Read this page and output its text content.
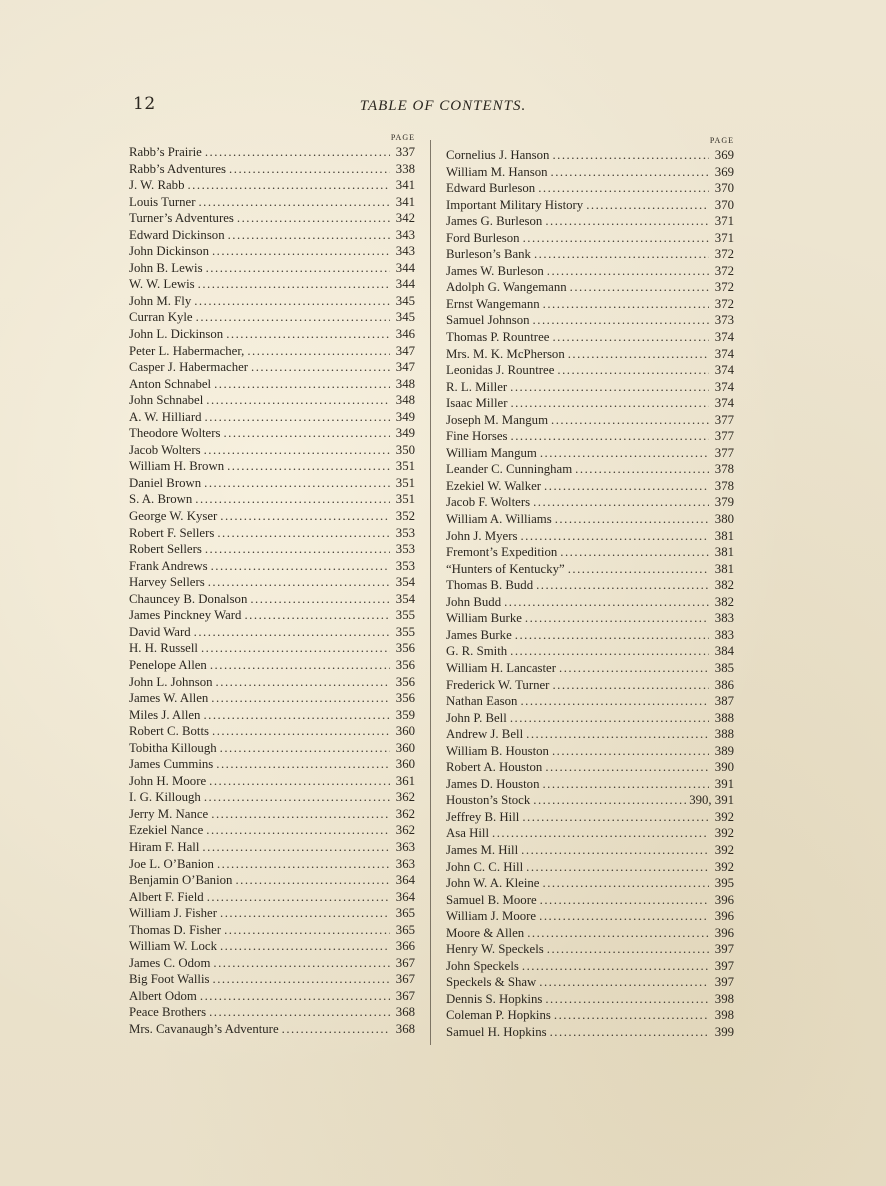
12	TABLE OF CONTENTS.
PAGE
Rabb’s Prairie .....	337
Rabb’s Adventures .....	338
J. W. Rabb .....	341
Louis Turner .....	341
Turner’s Adventures .....	342
Edward Dickinson .....	343
John Dickinson .....	343
John B. Lewis .....	344
W. W. Lewis .....	344
John M. Fly .....	345
Curran Kyle .....	345
John L. Dickinson .....	346
Peter L. Habermacher, .....	347
Casper J. Habermacher .....	347
Anton Schnabel .....	348
John Schnabel .....	348
A. W. Hilliard .....	349
Theodore Wolters .....	349
Jacob Wolters .....	350
William H. Brown .....	351
Daniel Brown .....	351
S. A. Brown .....	351
George W. Kyser .....	352
Robert F. Sellers .....	353
Robert Sellers .....	353
Frank Andrews .....	353
Harvey Sellers .....	354
Chauncey B. Donalson .....	354
James Pinckney Ward .....	355
David Ward .....	355
H. H. Russell .....	356
Penelope Allen .....	356
John L. Johnson .....	356
James W. Allen .....	356
Miles J. Allen .....	359
Robert C. Botts .....	360
Tobitha Killough .....	360
James Cummins .....	360
John H. Moore .....	361
I. G. Killough .....	362
Jerry M. Nance .....	362
Ezekiel Nance .....	362
Hiram F. Hall .....	363
Joe L. O’Banion .....	363
Benjamin O’Banion .....	364
Albert F. Field .....	364
William J. Fisher .....	365
Thomas D. Fisher .....	365
William W. Lock .....	366
James C. Odom .....	367
Big Foot Wallis .....	367
Albert Odom .....	367
Peace Brothers .....	368
Mrs. Cavanaugh’s Adventure .....	368
PAGE
Cornelius J. Hanson .....	369
William M. Hanson .....	369
Edward Burleson .....	370
Important Military History .....	370
James G. Burleson .....	371
Ford Burleson .....	371
Burleson’s Bank .....	372
James W. Burleson .....	372
Adolph G. Wangemann .....	372
Ernst Wangemann .....	372
Samuel Johnson .....	373
Thomas P. Rountree .....	374
Mrs. M. K. McPherson .....	374
Leonidas J. Rountree .....	374
R. L. Miller .....	374
Isaac Miller .....	374
Joseph M. Mangum .....	377
Fine Horses .....	377
William Mangum .....	377
Leander C. Cunningham .....	378
Ezekiel W. Walker .....	378
Jacob F. Wolters .....	379
William A. Williams .....	380
John J. Myers .....	381
Fremont’s Expedition .....	381
“Hunters of Kentucky” .....	381
Thomas B. Budd .....	382
John Budd .....	382
William Burke .....	383
James Burke .....	383
G. R. Smith .....	384
William H. Lancaster .....	385
Frederick W. Turner .....	386
Nathan Eason .....	387
John P. Bell .....	388
Andrew J. Bell .....	388
William B. Houston .....	389
Robert A. Houston .....	390
James D. Houston .....	391
Houston’s Stock .....	390, 391
Jeffrey B. Hill .....	392
Asa Hill .....	392
James M. Hill .....	392
John C. C. Hill .....	392
John W. A. Kleine .....	395
Samuel B. Moore .....	396
William J. Moore .....	396
Moore & Allen .....	396
Henry W. Speckels .....	397
John Speckels .....	397
Speckels & Shaw .....	397
Dennis S. Hopkins .....	398
Coleman P. Hopkins .....	398
Samuel H. Hopkins .....	399
